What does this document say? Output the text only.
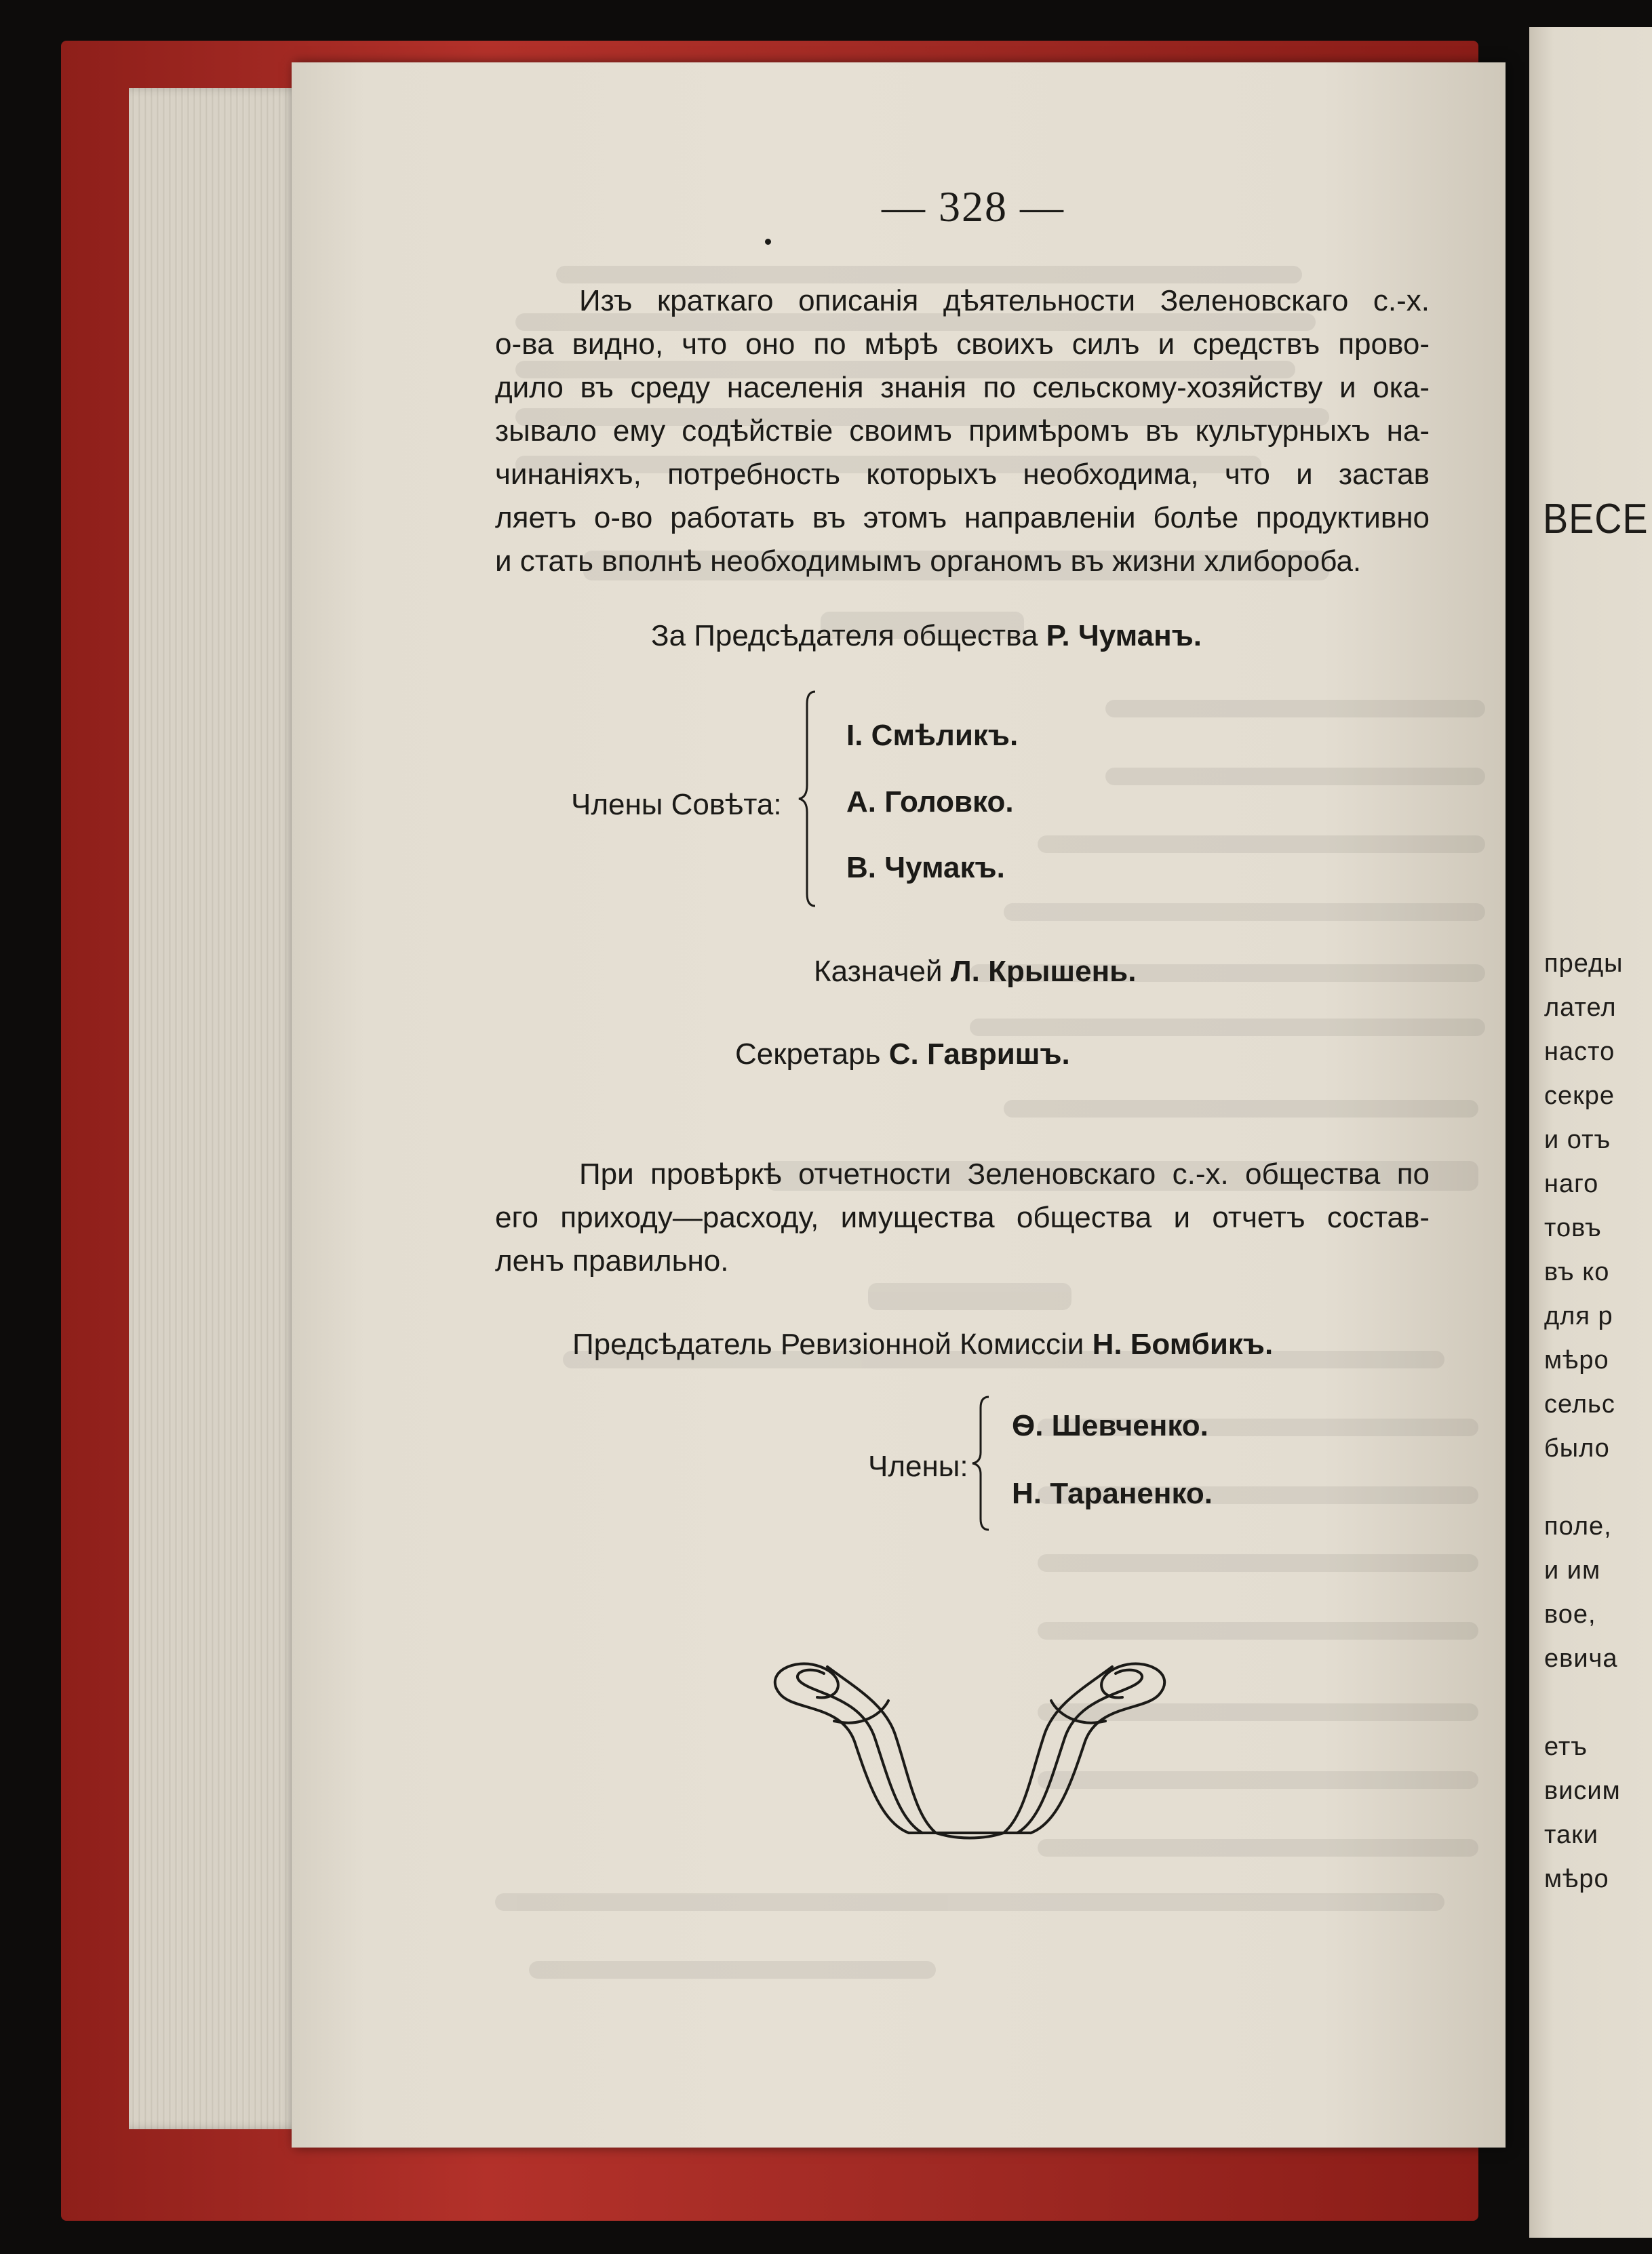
ВЕСЕ
преды
лател
насто
секре
и отъ
наго
товъ
въ ко
для р
мѣро
сельс
было
поле,
и им
вое,
евича
етъ
висим
таки
мѣро
— 328 —
Изъ краткаго описанія дѣятельности Зеленовскаго с.-х.
о-ва видно, что оно по мѣрѣ своихъ силъ и средствъ прово-
дило въ среду населенія знанія по сельскому-хозяйству и ока-
зывало ему содѣйствіе своимъ примѣромъ въ культурныхъ на-
чинаніяхъ, потребность которыхъ необходима, что и застав
ляетъ о-во работать въ этомъ направленіи болѣе продуктивно
и стать вполнѣ необходимымъ органомъ въ жизни хлибороба.
За Предсѣдателя общества Р. Чуманъ.
Члены Совѣта:
І. Смѣликъ.
А. Головко.
В. Чумакъ.
Казначей Л. Крышень.
Секретарь С. Гавришъ.
При провѣркѣ отчетности Зеленовскаго с.-х. общества по
его приходу—расходу, имущества общества и отчетъ состав-
ленъ правильно.
Предсѣдатель Ревизіонной Комиссіи Н. Бомбикъ.
Члены:
Ѳ. Шевченко.
Н. Тараненко.
